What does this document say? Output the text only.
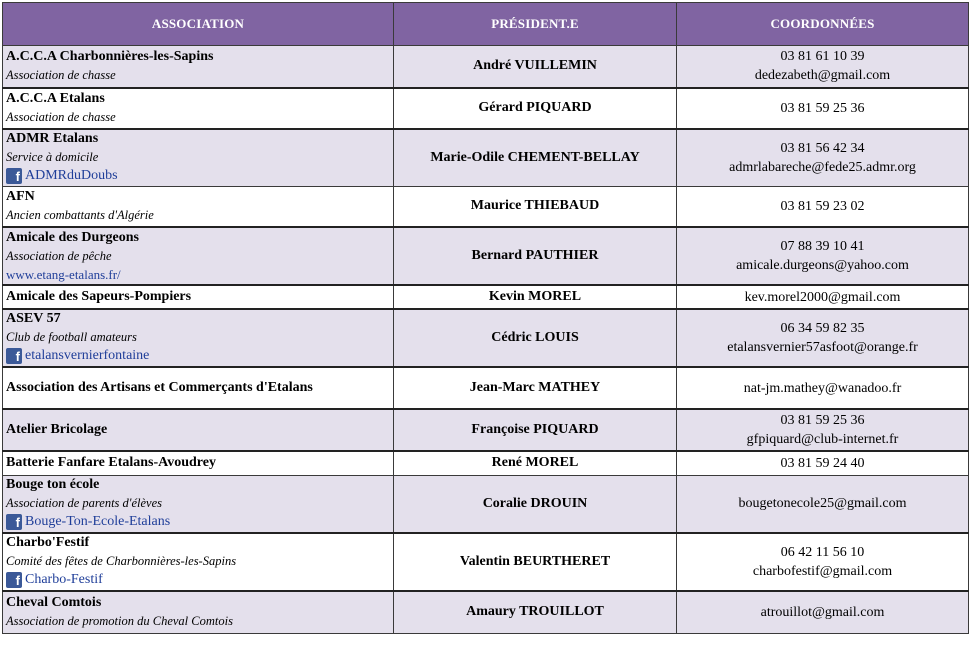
ASSOCIATION	PRÉSIDENT.E	COORDONNÉES

A.C.C.A Charbonnières-les-Sapins
Association de chasse	André VUILLEMIN	03 81 61 10 39
dedezabeth@gmail.com

A.C.C.A Etalans
Association de chasse	Gérard PIQUARD	03 81 59 25 36

ADMR Etalans
Service à domicile
f ADMRduDoubs	Marie-Odile CHEMENT-BELLAY	03 81 56 42 34
admrlabareche@fede25.admr.org

AFN
Ancien combattants d'Algérie	Maurice THIEBAUD	03 81 59 23 02

Amicale des Durgeons
Association de pêche
www.etang-etalans.fr/	Bernard PAUTHIER	07 88 39 10 41
amicale.durgeons@yahoo.com

Amicale des Sapeurs-Pompiers	Kevin MOREL	kev.morel2000@gmail.com

ASEV 57
Club de football amateurs
f etalansvernierfontaine	Cédric LOUIS	06 34 59 82 35
etalansvernier57asfoot@orange.fr

Association des Artisans et Commerçants d'Etalans	Jean-Marc MATHEY	nat-jm.mathey@wanadoo.fr

Atelier Bricolage	Françoise PIQUARD	03 81 59 25 36
gfpiquard@club-internet.fr

Batterie Fanfare Etalans-Avoudrey	René MOREL	03 81 59 24 40

Bouge ton école
Association de parents d'élèves
f Bouge-Ton-Ecole-Etalans	Coralie DROUIN	bougetonecole25@gmail.com

Charbo'Festif
Comité des fêtes de Charbonnières-les-Sapins
f Charbo-Festif	Valentin BEURTHERET	06 42 11 56 10
charbofestif@gmail.com

Cheval Comtois
Association de promotion du Cheval Comtois	Amaury TROUILLOT	atrouillot@gmail.com
